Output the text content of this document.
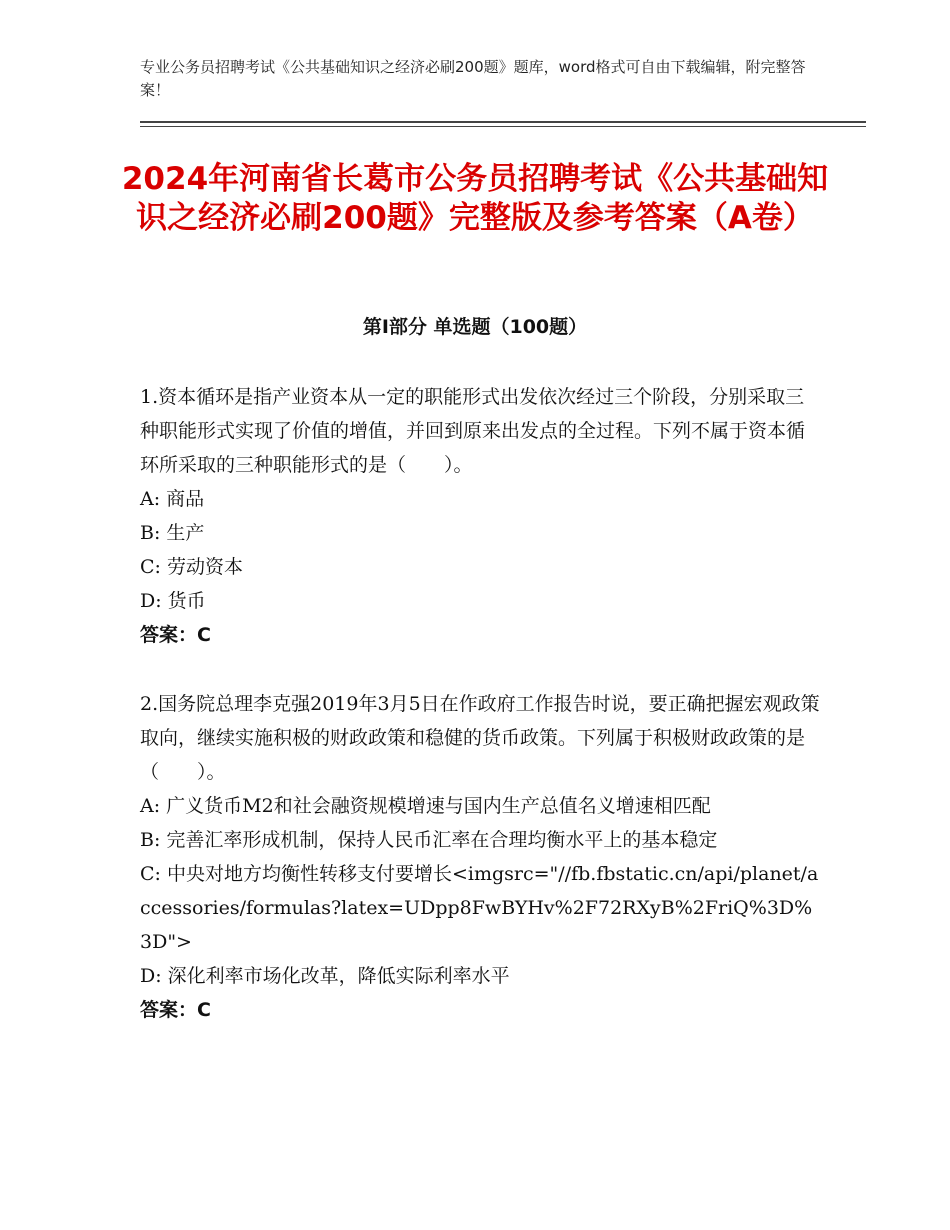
专业公务员招聘考试《公共基础知识之经济必刷200题》题库，word格式可自由下载编辑，附完整答案！
2024年河南省长葛市公务员招聘考试《公共基础知识之经济必刷200题》完整版及参考答案（A卷）
第Ⅰ部分 单选题（100题）

1.资本循环是指产业资本从一定的职能形式出发依次经过三个阶段，分别采取三种职能形式实现了价值的增值，并回到原来出发点的全过程。下列不属于资本循环所采取的三种职能形式的是（　　）。

A: 商品

B: 生产

C: 劳动资本

D: 货币

答案：C

2.国务院总理李克强2019年3月5日在作政府工作报告时说，要正确把握宏观政策取向，继续实施积极的财政政策和稳健的货币政策。下列属于积极财政政策的是（　　）。

A: 广义货币M2和社会融资规模增速与国内生产总值名义增速相匹配

B: 完善汇率形成机制，保持人民币汇率在合理均衡水平上的基本稳定

C: 中央对地方均衡性转移支付要增长<imgsrc="//fb.fbstatic.cn/api/planet/accessories/formulas?latex=UDpp8FwBYHv%2F72RXyB%2FriQ%3D%3D">

D: 深化利率市场化改革，降低实际利率水平

答案：C
